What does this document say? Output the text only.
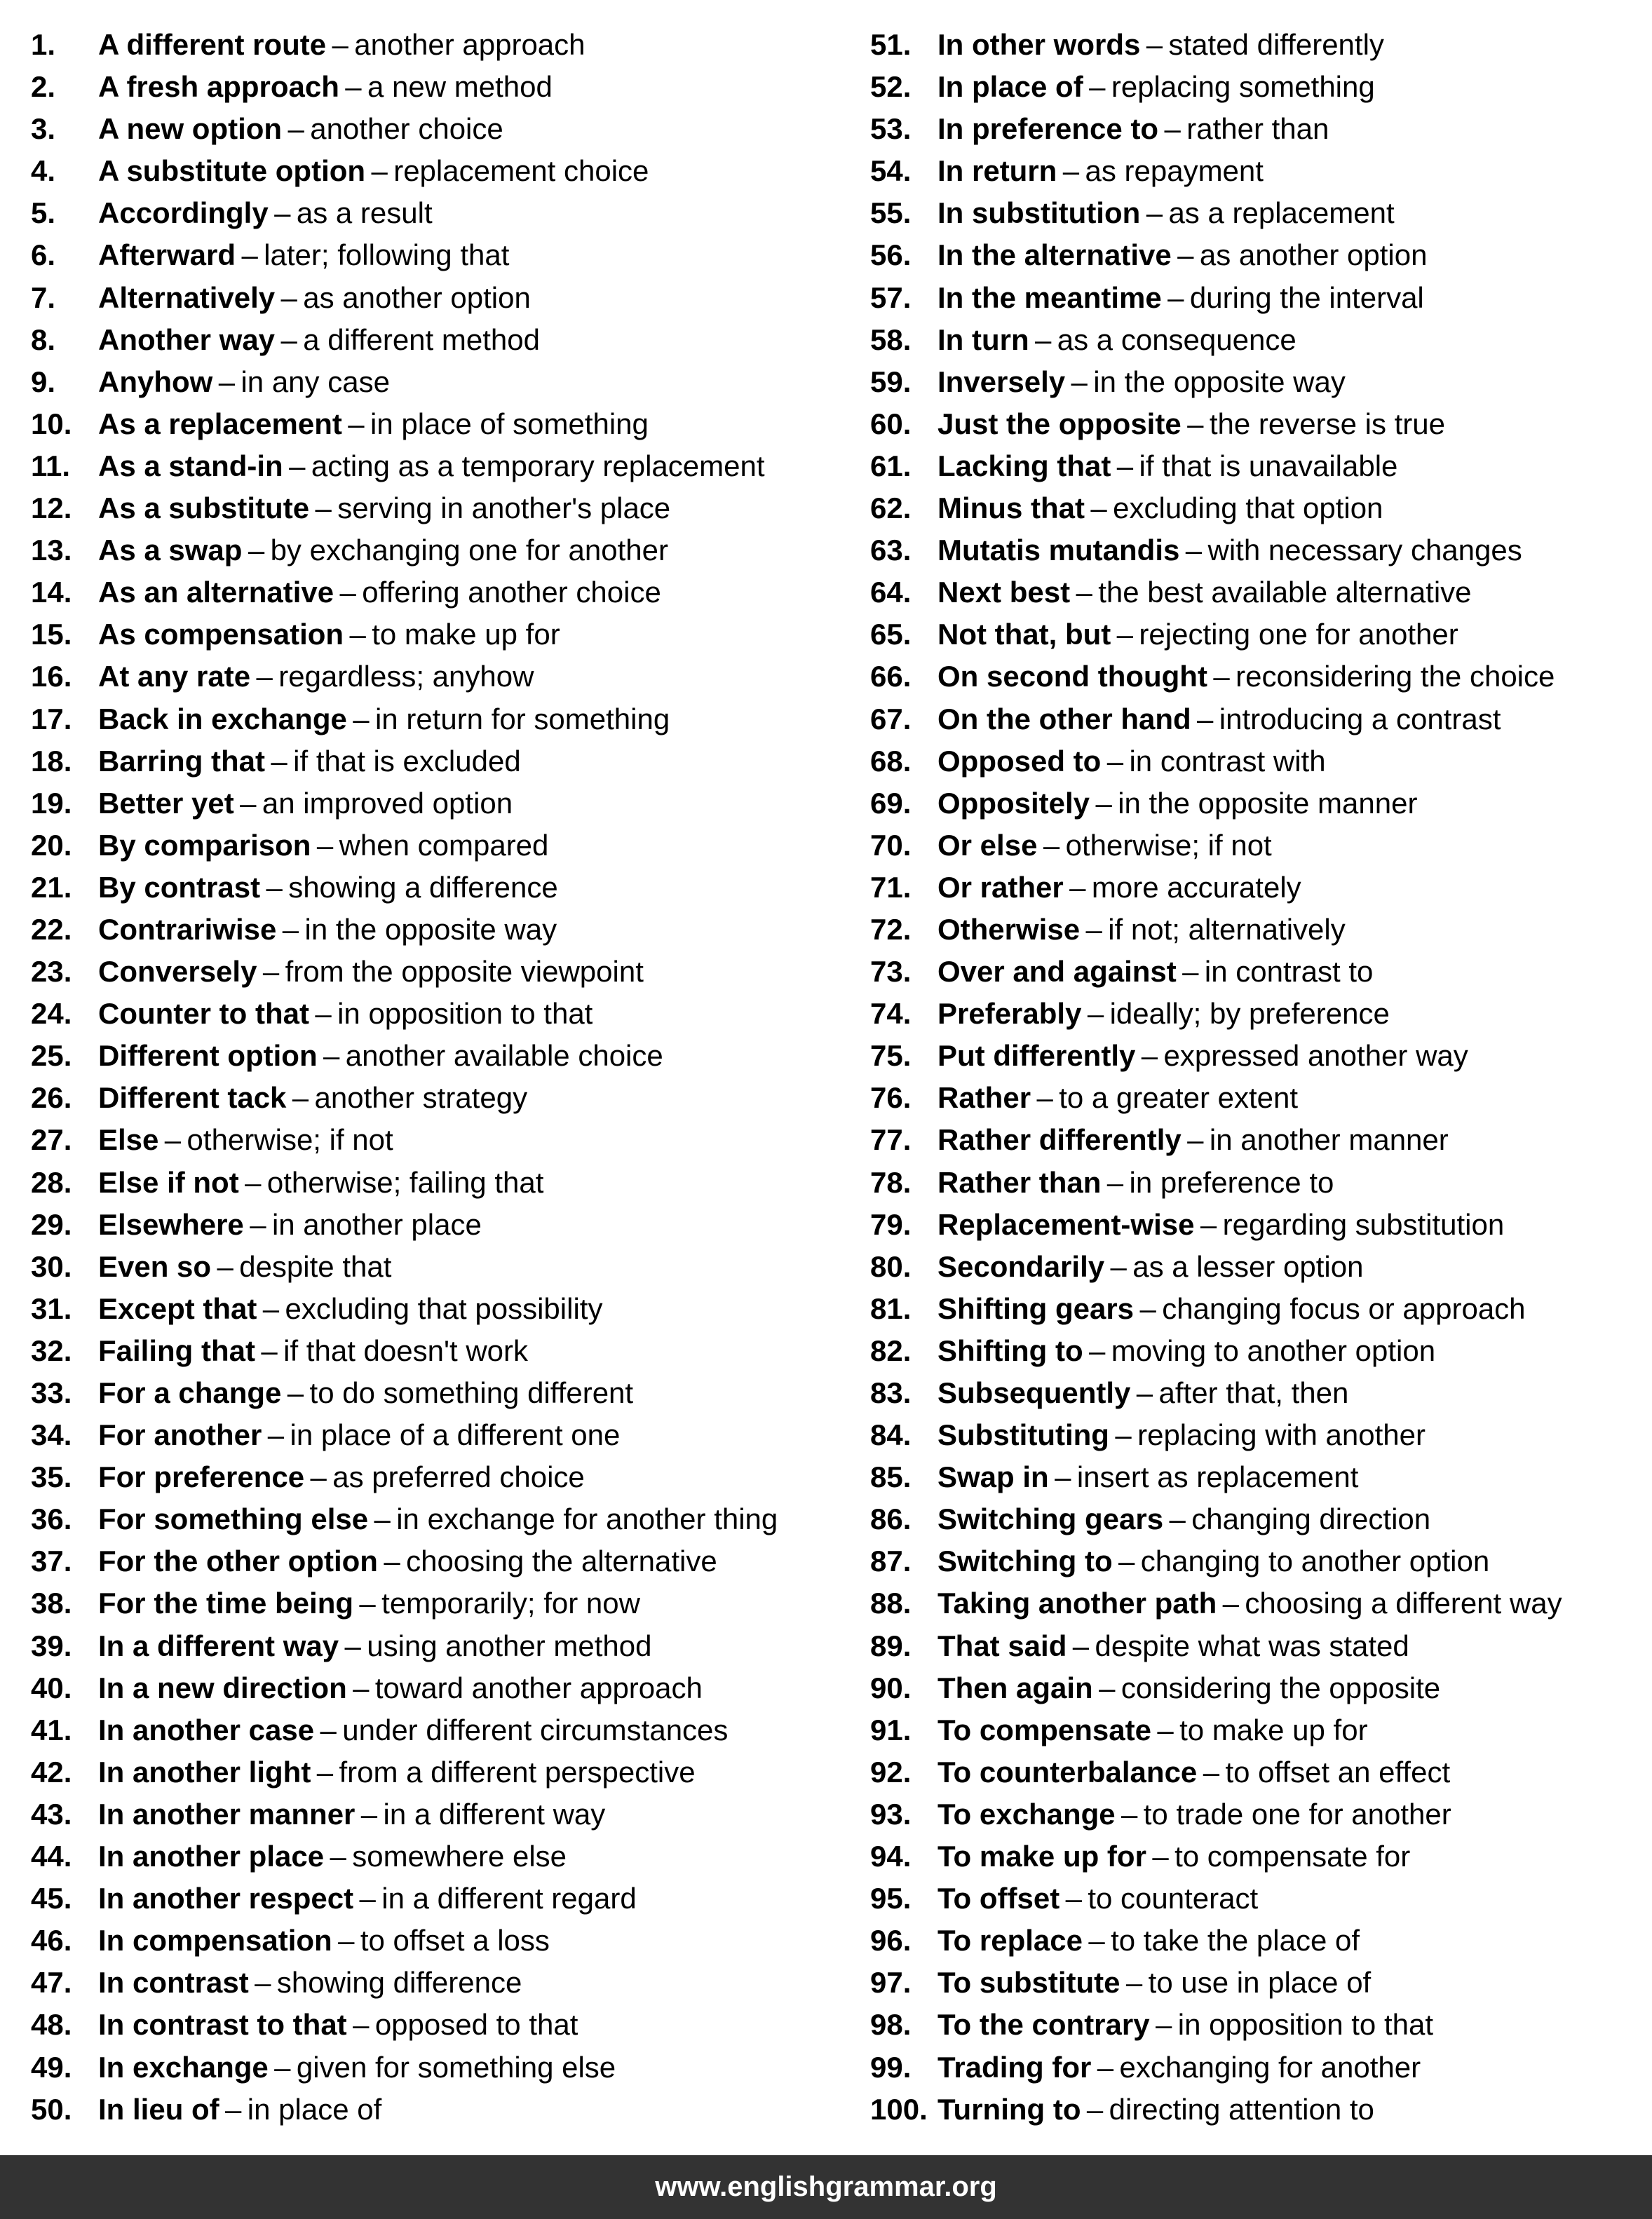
1.	A different route – another approach
2.	A fresh approach – a new method
3.	A new option – another choice
4.	A substitute option – replacement choice
5.	Accordingly – as a result
6.	Afterward – later; following that
7.	Alternatively – as another option
8.	Another way – a different method
9.	Anyhow – in any case
10. As a replacement – in place of something
11. As a stand-in – acting as a temporary replacement
12. As a substitute – serving in another's place
13. As a swap – by exchanging one for another
14. As an alternative – offering another choice
15. As compensation – to make up for
16. At any rate – regardless; anyhow
17. Back in exchange – in return for something
18. Barring that – if that is excluded
19. Better yet – an improved option
20. By comparison – when compared
21. By contrast – showing a difference
22. Contrariwise – in the opposite way
23. Conversely – from the opposite viewpoint
24. Counter to that – in opposition to that
25. Different option – another available choice
26. Different tack – another strategy
27. Else – otherwise; if not
28. Else if not – otherwise; failing that
29. Elsewhere – in another place
30. Even so – despite that
31. Except that – excluding that possibility
32. Failing that – if that doesn't work
33. For a change – to do something different
34. For another – in place of a different one
35. For preference – as preferred choice
36. For something else – in exchange for another thing
37. For the other option – choosing the alternative
38. For the time being – temporarily; for now
39. In a different way – using another method
40. In a new direction – toward another approach
41. In another case – under different circumstances
42. In another light – from a different perspective
43. In another manner – in a different way
44. In another place – somewhere else
45. In another respect – in a different regard
46. In compensation – to offset a loss
47. In contrast – showing difference
48. In contrast to that – opposed to that
49. In exchange – given for something else
50. In lieu of – in place of
51. In other words – stated differently
52. In place of – replacing something
53. In preference to – rather than
54. In return – as repayment
55. In substitution – as a replacement
56. In the alternative – as another option
57. In the meantime – during the interval
58. In turn – as a consequence
59. Inversely – in the opposite way
60. Just the opposite – the reverse is true
61. Lacking that – if that is unavailable
62. Minus that – excluding that option
63. Mutatis mutandis – with necessary changes
64. Next best – the best available alternative
65. Not that, but – rejecting one for another
66. On second thought – reconsidering the choice
67. On the other hand – introducing a contrast
68. Opposed to – in contrast with
69. Oppositely – in the opposite manner
70. Or else – otherwise; if not
71. Or rather – more accurately
72. Otherwise – if not; alternatively
73. Over and against – in contrast to
74. Preferably – ideally; by preference
75. Put differently – expressed another way
76. Rather – to a greater extent
77. Rather differently – in another manner
78. Rather than – in preference to
79. Replacement-wise – regarding substitution
80. Secondarily – as a lesser option
81. Shifting gears – changing focus or approach
82. Shifting to – moving to another option
83. Subsequently – after that, then
84. Substituting – replacing with another
85. Swap in – insert as replacement
86. Switching gears – changing direction
87. Switching to – changing to another option
88. Taking another path – choosing a different way
89. That said – despite what was stated
90. Then again – considering the opposite
91. To compensate – to make up for
92. To counterbalance – to offset an effect
93. To exchange – to trade one for another
94. To make up for – to compensate for
95. To offset – to counteract
96. To replace – to take the place of
97. To substitute – to use in place of
98. To the contrary – in opposition to that
99. Trading for – exchanging for another
100. Turning to – directing attention to
www.englishgrammar.org
